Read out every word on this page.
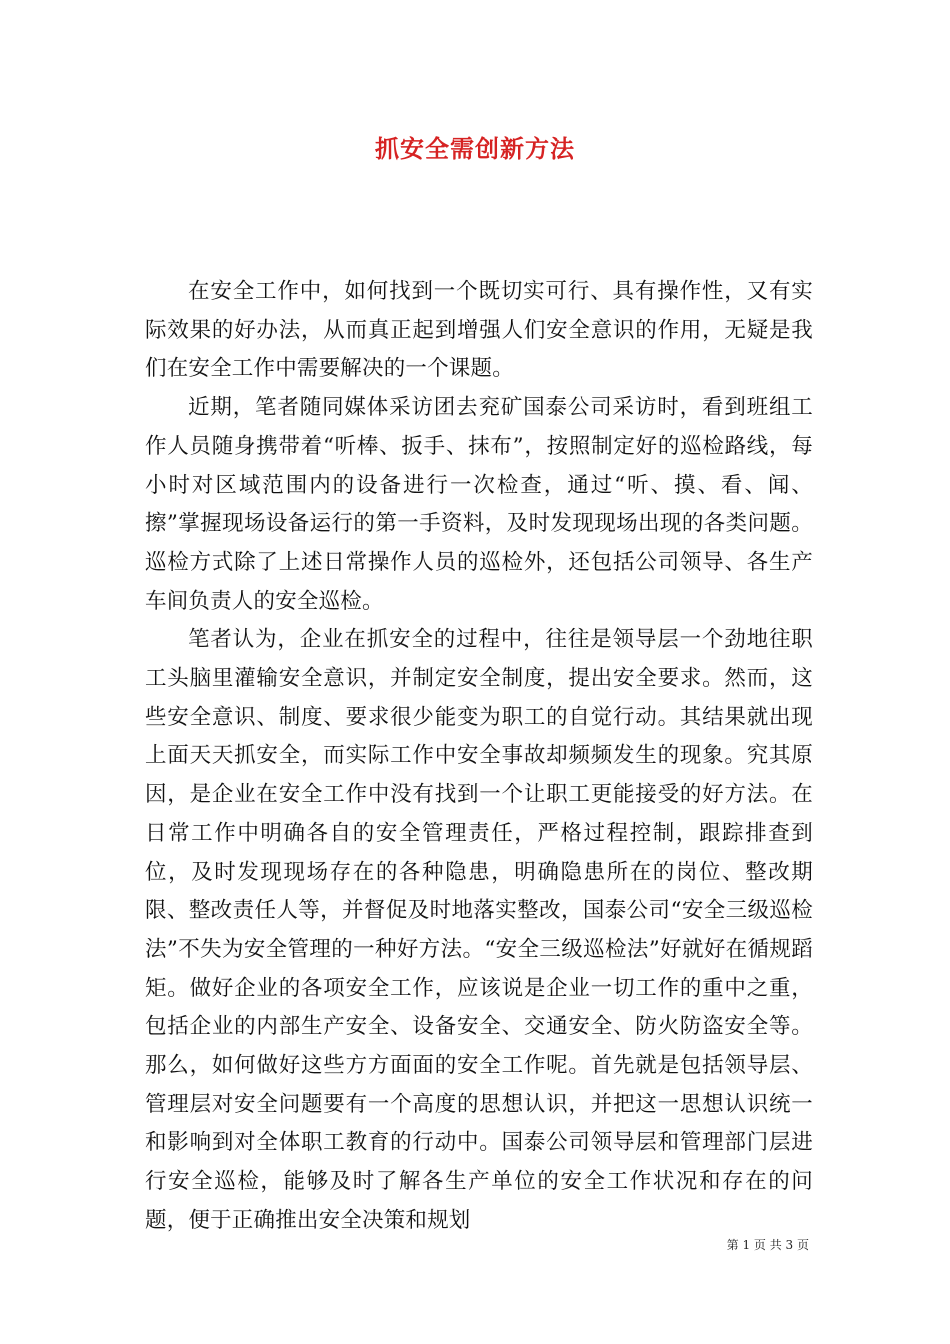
抓安全需创新方法

在安全工作中，如何找到一个既切实可行、具有操作性，又有实际效果的好办法，从而真正起到增强人们安全意识的作用，无疑是我们在安全工作中需要解决的一个课题。

近期，笔者随同媒体采访团去兖矿国泰公司采访时，看到班组工作人员随身携带着“听棒、扳手、抹布”，按照制定好的巡检路线，每小时对区域范围内的设备进行一次检查，通过“听、摸、看、闻、擦”掌握现场设备运行的第一手资料，及时发现现场出现的各类问题。巡检方式除了上述日常操作人员的巡检外，还包括公司领导、各生产车间负责人的安全巡检。

笔者认为，企业在抓安全的过程中，往往是领导层一个劲地往职工头脑里灌输安全意识，并制定安全制度，提出安全要求。然而，这些安全意识、制度、要求很少能变为职工的自觉行动。其结果就出现上面天天抓安全，而实际工作中安全事故却频频发生的现象。究其原因，是企业在安全工作中没有找到一个让职工更能接受的好方法。在日常工作中明确各自的安全管理责任，严格过程控制，跟踪排查到位，及时发现现场存在的各种隐患，明确隐患所在的岗位、整改期限、整改责任人等，并督促及时地落实整改，国泰公司“安全三级巡检法”不失为安全管理的一种好方法。“安全三级巡检法”好就好在循规蹈矩。做好企业的各项安全工作，应该说是企业一切工作的重中之重，包括企业的内部生产安全、设备安全、交通安全、防火防盗安全等。那么，如何做好这些方方面面的安全工作呢。首先就是包括领导层、管理层对安全问题要有一个高度的思想认识，并把这一思想认识统一和影响到对全体职工教育的行动中。国泰公司领导层和管理部门层进行安全巡检，能够及时了解各生产单位的安全工作状况和存在的问题，便于正确推出安全决策和规划

第 1 页 共 3 页
